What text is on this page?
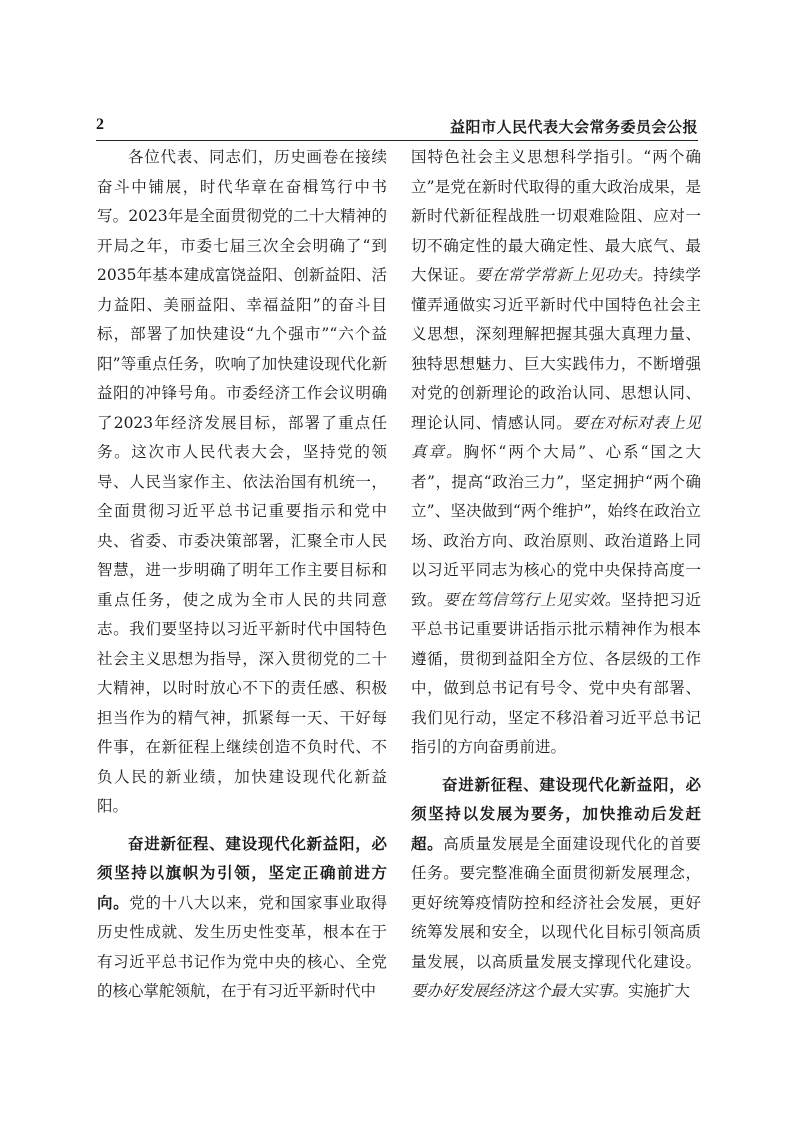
2	益阳市人民代表大会常务委员会公报

各位代表、同志们，历史画卷在接续奋斗中铺展，时代华章在奋楫笃行中书写。2023年是全面贯彻党的二十大精神的开局之年，市委七届三次全会明确了“到2035年基本建成富饶益阳、创新益阳、活力益阳、美丽益阳、幸福益阳”的奋斗目标，部署了加快建设“九个强市”“六个益阳”等重点任务，吹响了加快建设现代化新益阳的冲锋号角。市委经济工作会议明确了2023年经济发展目标，部署了重点任务。这次市人民代表大会，坚持党的领导、人民当家作主、依法治国有机统一，全面贯彻习近平总书记重要指示和党中央、省委、市委决策部署，汇聚全市人民智慧，进一步明确了明年工作主要目标和重点任务，使之成为全市人民的共同意志。我们要坚持以习近平新时代中国特色社会主义思想为指导，深入贯彻党的二十大精神，以时时放心不下的责任感、积极担当作为的精气神，抓紧每一天、干好每件事，在新征程上继续创造不负时代、不负人民的新业绩，加快建设现代化新益阳。

奋进新征程、建设现代化新益阳，必须坚持以旗帜为引领，坚定正确前进方向。党的十八大以来，党和国家事业取得历史性成就、发生历史性变革，根本在于有习近平总书记作为党中央的核心、全党的核心掌舵领航，在于有习近平新时代中

国特色社会主义思想科学指引。“两个确立”是党在新时代取得的重大政治成果，是新时代新征程战胜一切艰难险阻、应对一切不确定性的最大确定性、最大底气、最大保证。要在常学常新上见功夫。持续学懂弄通做实习近平新时代中国特色社会主义思想，深刻理解把握其强大真理力量、独特思想魅力、巨大实践伟力，不断增强对党的创新理论的政治认同、思想认同、理论认同、情感认同。要在对标对表上见真章。胸怀“两个大局”、心系“国之大者”，提高“政治三力”，坚定拥护“两个确立”、坚决做到“两个维护”，始终在政治立场、政治方向、政治原则、政治道路上同以习近平同志为核心的党中央保持高度一致。要在笃信笃行上见实效。坚持把习近平总书记重要讲话指示批示精神作为根本遵循，贯彻到益阳全方位、各层级的工作中，做到总书记有号令、党中央有部署、我们见行动，坚定不移沿着习近平总书记指引的方向奋勇前进。

奋进新征程、建设现代化新益阳，必须坚持以发展为要务，加快推动后发赶超。高质量发展是全面建设现代化的首要任务。要完整准确全面贯彻新发展理念，更好统筹疫情防控和经济社会发展，更好统筹发展和安全，以现代化目标引领高质量发展，以高质量发展支撑现代化建设。要办好发展经济这个最大实事。实施扩大
